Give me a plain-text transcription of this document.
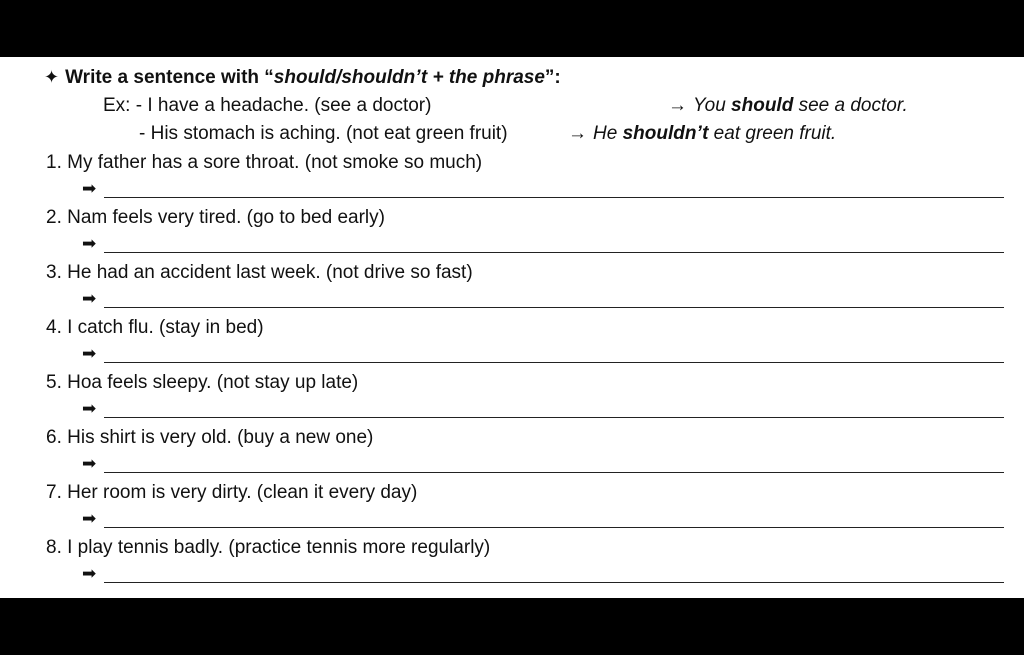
✦ Write a sentence with “should/shouldn’t + the phrase”:
Ex: - I have a headache. (see a doctor)	→ You should see a doctor.
- His stomach is aching. (not eat green fruit)	→ He shouldn’t eat green fruit.
1. My father has a sore throat. (not smoke so much)
➡
2. Nam feels very tired. (go to bed early)
➡
3. He had an accident last week. (not drive so fast)
➡
4. I catch flu. (stay in bed)
➡
5. Hoa feels sleepy. (not stay up late)
➡
6. His shirt is very old. (buy a new one)
➡
7. Her room is very dirty. (clean it every day)
➡
8. I play tennis badly. (practice tennis more regularly)
➡
